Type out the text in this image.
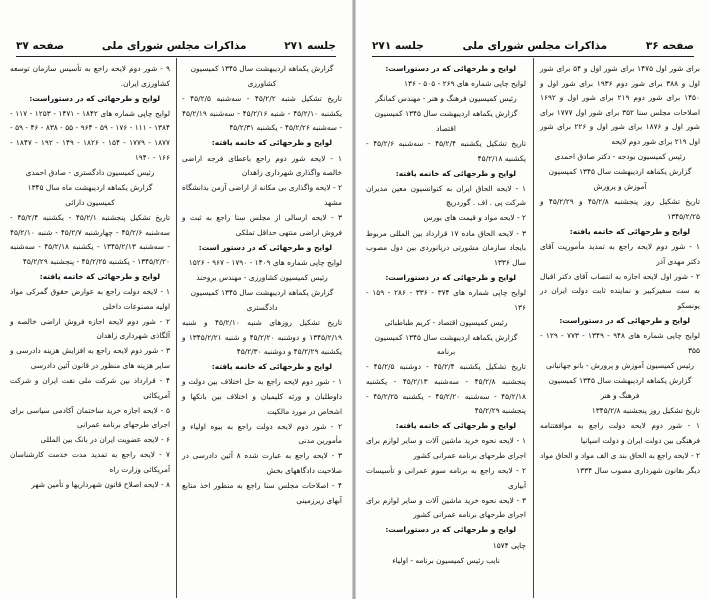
جلسه ۲۷۱
مذاکرات مجلس شورای ملی
صفحه ۳۷

گزارش یکماهه اردیبهشت سال ۱۳۴۵ کمیسیون

کشاورزی

تاریخ تشکیل شنبه ۴۵/۲/۲ - سه‌شنبه ۴۵/۲/۵ - یکشنبه ۴۵/۲/۱۰ - شنبه ۴۵/۲/۱۶ - سه‌شنبه ۴۵/۲/۱۹ - سه‌شنبه ۴۵/۲/۲۶ - یکشنبه ۴۵/۲/۳۱

لوایح و طرحهائی که خاتمه یافته:

۱ - لایحه شور دوم راجع باعطای فرجه اراضی خالصه واگذاری شهرداری زاهدان

۲ - لایحه واگذاری بی مکانه از اراضی آزمن بدانشگاه مشهد

۳ - لایحه ارسالی از مجلس سنا راجع به ثبت و فروش اراضی منتهی حداقل تملکی

لوایح و طرحهائی که در دستور است:

لوایح چاپی شماره های ۱۴۰۹ - ۱۷۹۰ - ۹۶۷ - ۱۵۲۶

رئیس کمیسیون کشاورزی - مهندس بروحند

گزارش یکماهه اردیبهشت سال ۱۳۴۵ کمیسیون

دادگستری

تاریخ تشکیل روزهای شنبه ۴۵/۲/۱۰ و شنبه ۱۳۴۵/۲/۱۹ و دوشنبه ۴۵/۲/۲۰ و شنبه ۱۳۴۵/۲/۲۱ و یکشنبه ۴۵/۲/۲۹ و دوشنبه ۴۵/۲/۳۰

لوایح و طرحهائی که خاتمه یافته:

۱ - شور دوم لایحه راجع به حل اختلاف بین دولت و داوطلبان و ورثه کلیمیان و اختلاف بین بانکها و اشخاص در مورد مالکیت

۲ - شور دوم لایحه دولت راجع به بیوه اولیاء و مأمورین مدنی

۳ - لایحه راجع به عبارت شده ۸ آئین دادرسی در صلاحیت دادگاههای بخش

۴ - اصلاحات مجلس سنا راجع به منظور اخذ منابع آبهای زیرزمینی

۹ - شور دوم لایحه راجع به تأسیس سازمان توسعه کشاورزی ایران.

لوایح و طرحهائی که در دستوراست:

لوایح چاپی شماره های ۱۸۴۲ - ۱۴۷۱ - ۱۲۵۳ - ۱۱۷ - ۱۳۸۴ - ۱۱۱ - ۱۷۶ - ۵۹ - ۹۶۴ - ۵۵ - ۸۳۸ - ۴۶ - ۵۹ - ۱۸۷۷ - ۱۷۷۹ - ۱۵۴ - ۱۸۲۶ - ۱۴۹ - ۱۹۲ - ۱۸۴۷ - ۱۶۶ - ۱۹۴۰

رئیس کمیسیون دادگستری - صادق احمدی

گزارش یکماهه اردیبهشت ماه سال ۱۳۴۵

کمیسیون دارائی

تاریخ تشکیل پنجشنبه ۴۵/۲/۱ - یکشنبه ۴۵/۲/۴ - سه‌شنبه ۴۵/۲/۶ - چهارشنبه ۴۵/۲/۷ - شنبه ۴۵/۲/۱۰ - سه‌شنبه ۱۳۴۵/۲/۱۳ - یکشنبه ۴۵/۲/۱۸ - سه‌شنبه ۱۳۴۵/۲/۲۰ - یکشنبه ۴۵/۲/۲۵ - پنجشنبه ۴۵/۲/۲۹

لوایح و طرحهائی که خاتمه یافته:

۱ - لایحه دولت راجع به عوارض حقوق گمرکی مواد اولیه مصنوعات داخلی

۲ - شور دوم لایحه اجازه فروش اراضی خالصه و آلگاذی شهرداری زاهدان

۳ - شور دوم لایحه راجع به افزایش هزینه دادرسی و سایر هزینه های منظور در قانون آئین دادرسی

۴ - قرارداد بین شرکت ملی نفت ایران و شرکت آمریکائی

۵ - لایحه اجازه خرید ساختمان آکادمی سیاسی برای اجرای طرحهای برنامه عمرانی

۶ - لایحه عضویت ایران در بانک بین المللی

۷ - لایحه راجع به تمدید مدت خدمت کارشناسان آمریکائی وزارت راه

۸ - لایحه اصلاح قانون شهرداریها و تأمین شهر

صفحه ۳۶
مذاکرات مجلس شورای ملی
جلسه ۲۷۱

برای شور اول ۱۴۷۵ برای شور اول و ۵۴ برای شور اول و ۳۸۸ برای شور دوم ۱۹۳۶ برای شور اول و ۱۴۵۰ برای شور دوم ۲۱۹ برای شور اول و ۱۶۹۲ اصلاحات مجلس سنا ۳۵۲ برای شور اول ۱۷۷۷ برای شور اول و ۱۸۷۶ برای شور اول و ۲۲۶ برای شور اول ۲۱۹ برای شور دوم لایحه

رئیس کمیسیون بودجه - دکتر صادق احمدی

گزارش یکماهه اردیبهشت سال ۱۳۴۵ کمیسیون

آموزش و پرورش

تاریخ تشکیل روز پنجشنبه ۴۵/۲/۸ و ۴۵/۲/۲۹ و ۱۳۴۵/۲/۲۵

لوایح و طرحهائی که خاتمه یافته:

۱ - شور دوم لایحه راجع به تمدید مأموریت آقای دکتر مهدی آذر

۲ - شور اول لایحه اجازه به انتصاب آقای دکتر اقبال به ست سفیرکبیر و نماینده ثابت دولت ایران در یونسکو

لوایح و طرحهائی که در دستوراست:

لوایح چاپی شماره های ۹۴۸ - ۱۳۴۹ - ۷۷۳ - ۱۲۹ - ۳۵۵

رئیس کمیسیون آموزش و پرورش - بانو جهانبانی

گزارش یکماهه اردیبهشت سال ۱۳۴۵ کمیسیون

فرهنگ و هنر

تاریخ تشکیل روز پنجشنبه ۱۳۴۵/۲/۸

۱ - شور دوم لایحه دولت راجع به موافقتنامه فرهنگی بین دولت ایران و دولت اسپانیا

۲ - لایحه راجع به الحاق بند ی الف مواد و الحاق مواد دیگر بقانون شهرداری مصوب سال ۱۳۳۴

لوایح و طرحهائی که در دستوراست:

لوایح چاپی شماره های ۲۶۹ - ۵۰۵ - ۱۳۶

رئیس کمیسیون فرهنگ و هنر - مهندس کمانگر

گزارش یکماهه اردیبهشت سال ۱۳۴۵ کمیسیون اقتصاد

تاریخ تشکیل یکشنبه ۴۵/۲/۴ - سه‌شنبه ۴۵/۲/۶ - یکشنبه ۴۵/۲/۱۸

لوایح و طرحهائی که خاتمه یافته:

۱ - لایحه الحاق ایران به کنوانسیون معین مدیران شرکت پی . اف . گوردریچ

۲ - لایحه مواد و قیمت های بورس

۳ - لایحه الحاق ماده ۱۷ قرارداد بین المللی مربوط بایجاد سازمان مشورتی دریانوردی بین دول مصوب سال ۱۳۳۶

لوایح و طرحهائی که در دستوراست:

لوایح چاپی شماره های ۳۷۴ - ۳۳۶ - ۲۸۶ - ۱۵۹ - ۱۳۶

رئیس کمیسیون اقتصاد - کریم طباطبائی

گزارش یکماهه اردیبهشت سال ۱۳۴۵ کمیسیون برنامه

تاریخ تشکیل یکشنبه ۴۵/۲/۴ - دوشنبه ۴۵/۲/۵ - پنجشنبه ۴۵/۲/۸ - سه‌شنبه ۴۵/۲/۱۳ - یکشنبه ۴۵/۲/۱۸ - سه‌شنبه ۴۵/۲/۲۰ - یکشنبه ۴۵/۲/۲۵ - پنجشنبه ۴۵/۲/۲۹

لوایح و طرحهائی که خاتمه یافته:

۱ - لایحه نحوه خرید ماشین آلات و سایر لوازم برای اجرای طرحهای برنامه عمرانی کشور

۲ - لایحه راجع به برنامه سوم عمرانی و تأسیسات آبیاری

۳ - لایحه نحوه خرید ماشین آلات و سایر لوازم برای اجرای طرحهای برنامه عمرانی کشور

لوایح و طرحهائی که در دستوراست:

چاپی ۱۵۷۴

نایب رئیس کمیسیون برنامه - اولیاء
